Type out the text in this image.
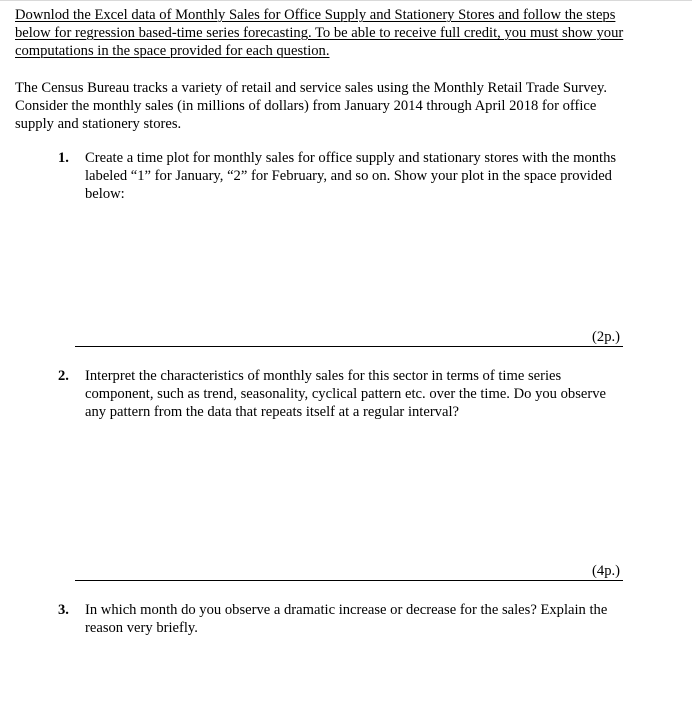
Downlod the Excel data of Monthly Sales for Office Supply and Stationery Stores and follow the steps below for regression based-time series forecasting. To be able to receive full credit, you must show your computations in the space provided for each question.
The Census Bureau tracks a variety of retail and service sales using the Monthly Retail Trade Survey. Consider the monthly sales (in millions of dollars) from January 2014 through April 2018 for office supply and stationery stores.
1.	Create a time plot for monthly sales for office supply and stationary stores with the months labeled “1” for January, “2” for February, and so on. Show your plot in the space provided below:
(2p.)
2.	Interpret the characteristics of monthly sales for this sector in terms of time series component, such as trend, seasonality, cyclical pattern etc. over the time. Do you observe any pattern from the data that repeats itself at a regular interval?
(4p.)
3.	In which month do you observe a dramatic increase or decrease for the sales? Explain the reason very briefly.
